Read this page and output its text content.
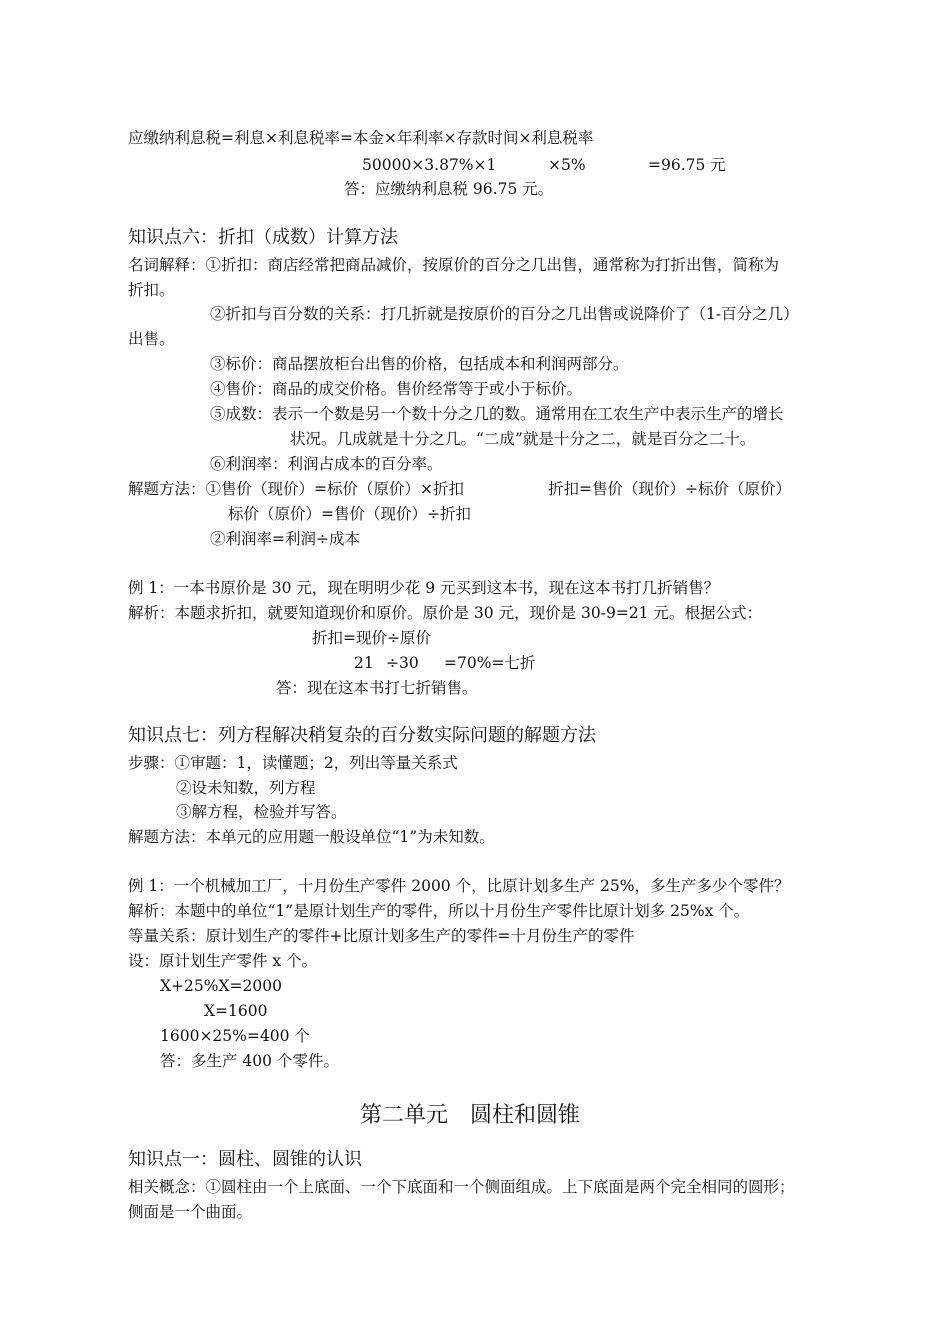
应缴纳利息税=利息×利息税率=本金×年利率×存款时间×利息税率
50000×3.87%×1	×5%	=96.75 元
答：应缴纳利息税 96.75 元。
知识点六：折扣（成数）计算方法
名词解释：①折扣：商店经常把商品减价，按原价的百分之几出售，通常称为打折出售，简称为
折扣。
②折扣与百分数的关系：打几折就是按原价的百分之几出售或说降价了（1-百分之几）
出售。
③标价：商品摆放柜台出售的价格，包括成本和利润两部分。
④售价：商品的成交价格。售价经常等于或小于标价。
⑤成数：表示一个数是另一个数十分之几的数。通常用在工农生产中表示生产的增长
状况。几成就是十分之几。“二成”就是十分之二，就是百分之二十。
⑥利润率：利润占成本的百分率。
解题方法：①售价（现价）=标价（原价）×折扣	折扣=售价（现价）÷标价（原价）
标价（原价）=售价（现价）÷折扣
②利润率=利润÷成本
例 1：一本书原价是 30 元，现在明明少花 9 元买到这本书，现在这本书打几折销售？
解析：本题求折扣，就要知道现价和原价。原价是 30 元，现价是 30-9=21 元。根据公式：
折扣=现价÷原价
21 ÷30 =70%=七折
答：现在这本书打七折销售。
知识点七：列方程解决稍复杂的百分数实际问题的解题方法
步骤：①审题：1，读懂题；2，列出等量关系式
②设未知数，列方程
③解方程，检验并写答。
解题方法：本单元的应用题一般设单位“1”为未知数。
例 1：一个机械加工厂，十月份生产零件 2000 个，比原计划多生产 25%，多生产多少个零件？
解析：本题中的单位“1”是原计划生产的零件，所以十月份生产零件比原计划多 25%x 个。
等量关系：原计划生产的零件+比原计划多生产的零件=十月份生产的零件
设：原计划生产零件 x 个。
X+25%X=2000
X=1600
1600×25%=400 个
答：多生产 400 个零件。
第二单元　圆柱和圆锥
知识点一：圆柱、圆锥的认识
相关概念：①圆柱由一个上底面、一个下底面和一个侧面组成。上下底面是两个完全相同的圆形；
侧面是一个曲面。
